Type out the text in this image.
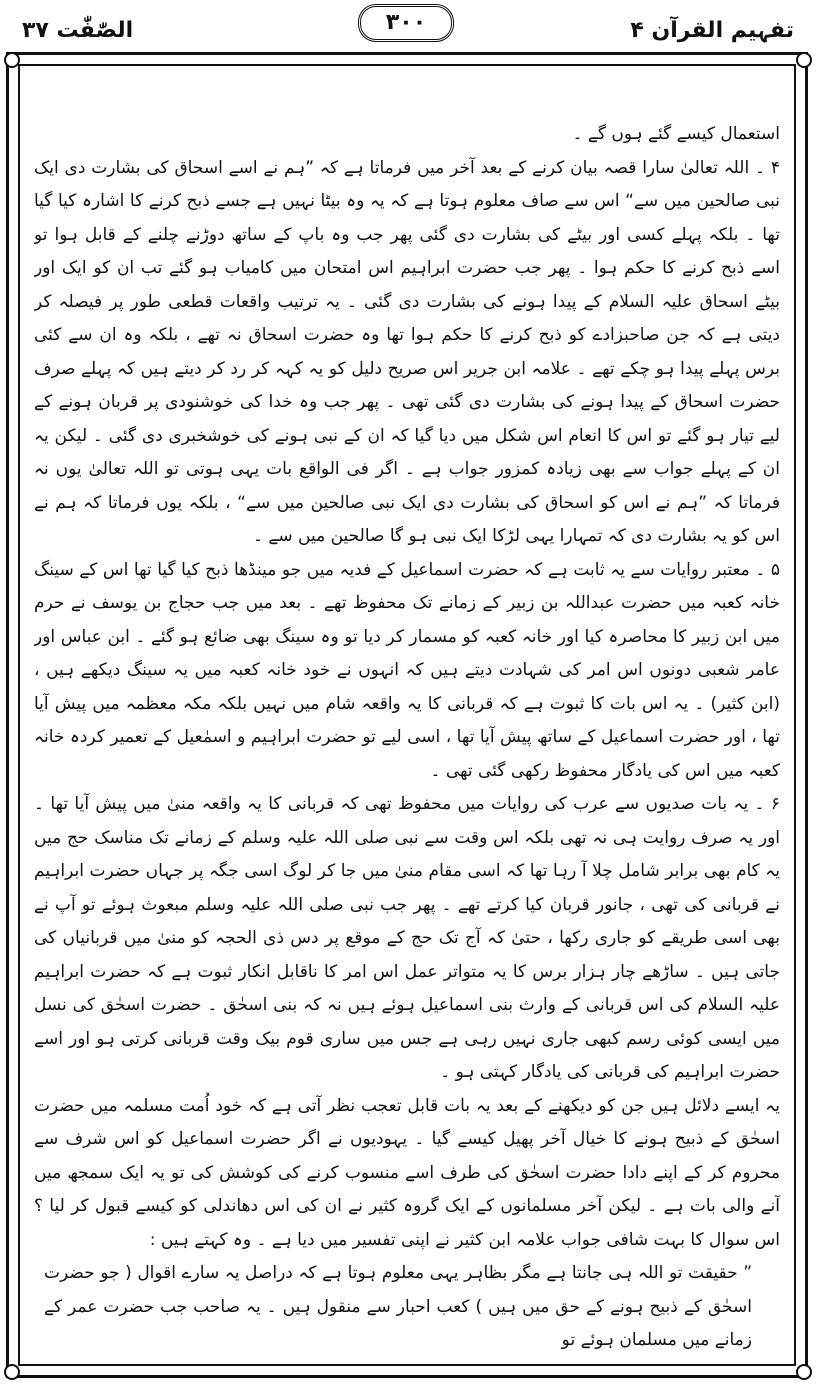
الصّٰفّٰت ۳۷	۳۰۰	تفہیم القرآن ۴

استعمال کیسے گئے ہوں گے ۔

۴ ۔ اللہ تعالیٰ سارا قصہ بیان کرنے کے بعد آخر میں فرماتا ہے کہ ”ہم نے اسے اسحاق کی بشارت دی ایک نبی صالحین میں سے“ اس سے صاف معلوم ہوتا ہے کہ یہ وہ بیٹا نہیں ہے جسے ذبح کرنے کا اشارہ کیا گیا تھا ۔ بلکہ پہلے کسی اور بیٹے کی بشارت دی گئی پھر جب وہ باپ کے ساتھ دوڑنے چلنے کے قابل ہوا تو اسے ذبح کرنے کا حکم ہوا ۔ پھر جب حضرت ابراہیم اس امتحان میں کامیاب ہو گئے تب ان کو ایک اور بیٹے اسحاق علیہ السلام کے پیدا ہونے کی بشارت دی گئی ۔ یہ ترتیب واقعات قطعی طور پر فیصلہ کر دیتی ہے کہ جن صاحبزادے کو ذبح کرنے کا حکم ہوا تھا وہ حضرت اسحاق نہ تھے ، بلکہ وہ ان سے کئی برس پہلے پیدا ہو چکے تھے ۔ علامہ ابن جریر اس صریح دلیل کو یہ کہہ کر رد کر دیتے ہیں کہ پہلے صرف حضرت اسحاق کے پیدا ہونے کی بشارت دی گئی تھی ۔ پھر جب وہ خدا کی خوشنودی پر قربان ہونے کے لیے تیار ہو گئے تو اس کا انعام اس شکل میں دیا گیا کہ ان کے نبی ہونے کی خوشخبری دی گئی ۔ لیکن یہ ان کے پہلے جواب سے بھی زیادہ کمزور جواب ہے ۔ اگر فی الواقع بات یہی ہوتی تو اللہ تعالیٰ یوں نہ فرماتا کہ ”ہم نے اس کو اسحاق کی بشارت دی ایک نبی صالحین میں سے“ ، بلکہ یوں فرماتا کہ ہم نے اس کو یہ بشارت دی کہ تمہارا یہی لڑکا ایک نبی ہو گا صالحین میں سے ۔

۵ ۔ معتبر روایات سے یہ ثابت ہے کہ حضرت اسماعیل کے فدیہ میں جو مینڈھا ذبح کیا گیا تھا اس کے سینگ خانہ کعبہ میں حضرت عبداللہ بن زبیر کے زمانے تک محفوظ تھے ۔ بعد میں جب حجاج بن یوسف نے حرم میں ابن زبیر کا محاصرہ کیا اور خانہ کعبہ کو مسمار کر دیا تو وہ سینگ بھی ضائع ہو گئے ۔ ابن عباس اور عامر شعبی دونوں اس امر کی شہادت دیتے ہیں کہ انہوں نے خود خانہ کعبہ میں یہ سینگ دیکھے ہیں ، (ابن کثیر) ۔ یہ اس بات کا ثبوت ہے کہ قربانی کا یہ واقعہ شام میں نہیں بلکہ مکہ معظمہ میں پیش آیا تھا ، اور حضرت اسماعیل کے ساتھ پیش آیا تھا ، اسی لیے تو حضرت ابراہیم و اسمٰعیل کے تعمیر کردہ خانہ کعبہ میں اس کی یادگار محفوظ رکھی گئی تھی ۔

۶ ۔ یہ بات صدیوں سے عرب کی روایات میں محفوظ تھی کہ قربانی کا یہ واقعہ منیٰ میں پیش آیا تھا ۔ اور یہ صرف روایت ہی نہ تھی بلکہ اس وقت سے نبی صلی اللہ علیہ وسلم کے زمانے تک مناسک حج میں یہ کام بھی برابر شامل چلا آ رہا تھا کہ اسی مقام منیٰ میں جا کر لوگ اسی جگہ پر جہاں حضرت ابراہیم نے قربانی کی تھی ، جانور قربان کیا کرتے تھے ۔ پھر جب نبی صلی اللہ علیہ وسلم مبعوث ہوئے تو آپ نے بھی اسی طریقے کو جاری رکھا ، حتیٰ کہ آج تک حج کے موقع پر دس ذی الحجہ کو منیٰ میں قربانیاں کی جاتی ہیں ۔ ساڑھے چار ہزار برس کا یہ متواتر عمل اس امر کا ناقابل انکار ثبوت ہے کہ حضرت ابراہیم علیہ السلام کی اس قربانی کے وارث بنی اسماعیل ہوئے ہیں نہ کہ بنی اسحٰق ۔ حضرت اسحٰق کی نسل میں ایسی کوئی رسم کبھی جاری نہیں رہی ہے جس میں ساری قوم بیک وقت قربانی کرتی ہو اور اسے حضرت ابراہیم کی قربانی کی یادگار کہتی ہو ۔

یہ ایسے دلائل ہیں جن کو دیکھنے کے بعد یہ بات قابل تعجب نظر آتی ہے کہ خود اُمت مسلمہ میں حضرت اسحٰق کے ذبیح ہونے کا خیال آخر پھیل کیسے گیا ۔ یہودیوں نے اگر حضرت اسماعیل کو اس شرف سے محروم کر کے اپنے دادا حضرت اسحٰق کی طرف اسے منسوب کرنے کی کوشش کی تو یہ ایک سمجھ میں آنے والی بات ہے ۔ لیکن آخر مسلمانوں کے ایک گروہ کثیر نے ان کی اس دھاندلی کو کیسے قبول کر لیا ؟ اس سوال کا بہت شافی جواب علامہ ابن کثیر نے اپنی تفسیر میں دیا ہے ۔ وہ کہتے ہیں :

” حقیقت تو اللہ ہی جانتا ہے مگر بظاہر یہی معلوم ہوتا ہے کہ دراصل یہ سارے اقوال ( جو حضرت اسحٰق کے ذبیح ہونے کے حق میں ہیں ) کعب احبار سے منقول ہیں ۔ یہ صاحب جب حضرت عمر کے زمانے میں مسلمان ہوئے تو
